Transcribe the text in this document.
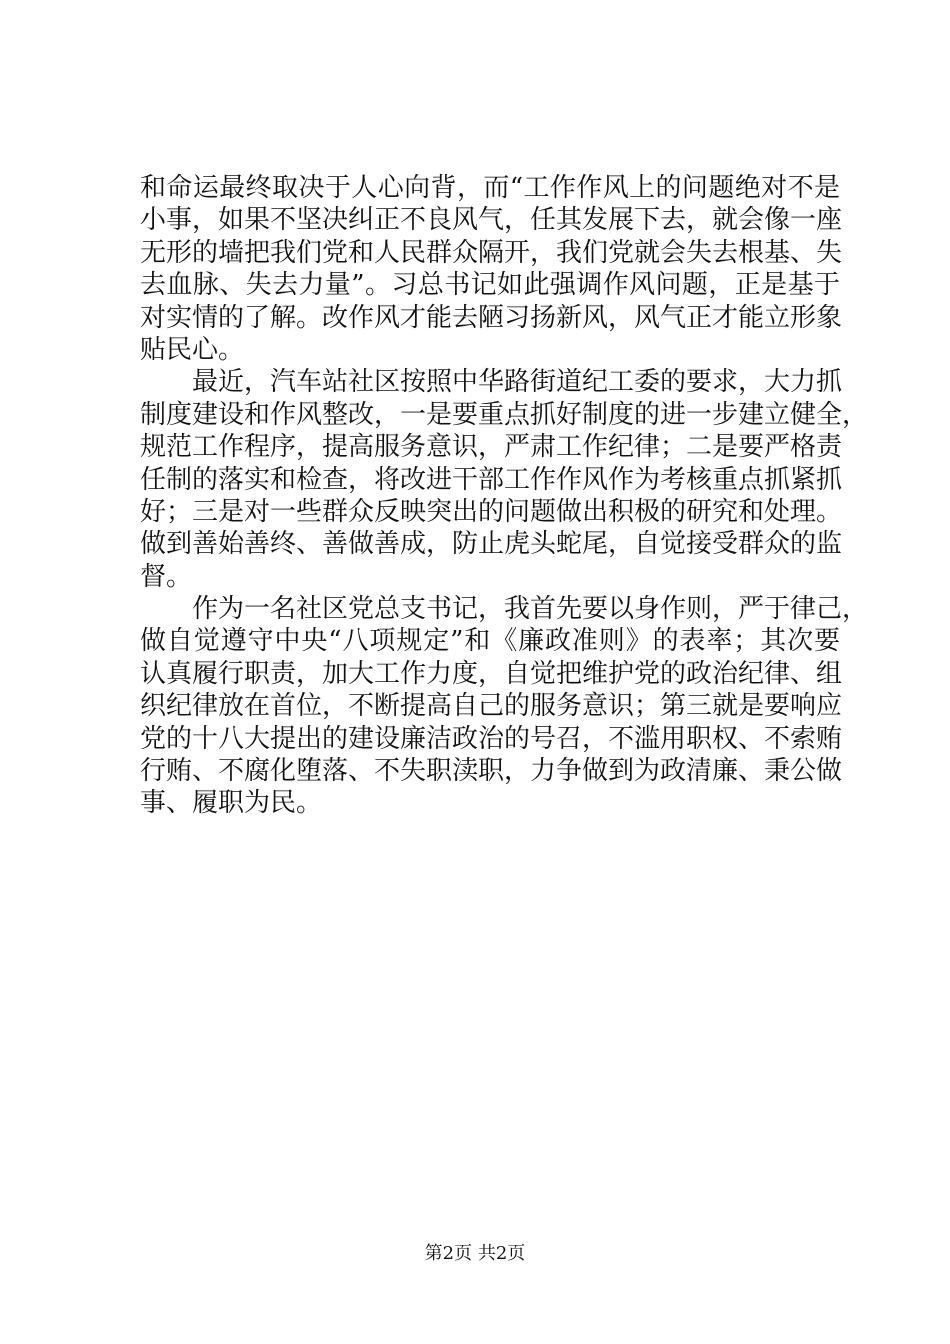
和命运最终取决于人心向背，而“工作作风上的问题绝对不是
小事，如果不坚决纠正不良风气，任其发展下去，就会像一座
无形的墙把我们党和人民群众隔开，我们党就会失去根基、失
去血脉、失去力量”。习总书记如此强调作风问题，正是基于
对实情的了解。改作风才能去陋习扬新风，风气正才能立形象
贴民心。
最近，汽车站社区按照中华路街道纪工委的要求，大力抓
制度建设和作风整改，一是要重点抓好制度的进一步建立健全，
规范工作程序，提高服务意识，严肃工作纪律；二是要严格责
任制的落实和检查，将改进干部工作作风作为考核重点抓紧抓
好；三是对一些群众反映突出的问题做出积极的研究和处理。
做到善始善终、善做善成，防止虎头蛇尾，自觉接受群众的监
督。
作为一名社区党总支书记，我首先要以身作则，严于律己，
做自觉遵守中央“八项规定”和《廉政准则》的表率；其次要
认真履行职责，加大工作力度，自觉把维护党的政治纪律、组
织纪律放在首位，不断提高自己的服务意识；第三就是要响应
党的十八大提出的建设廉洁政治的号召，不滥用职权、不索贿
行贿、不腐化堕落、不失职渎职，力争做到为政清廉、秉公做
事、履职为民。
第2页 共2页
